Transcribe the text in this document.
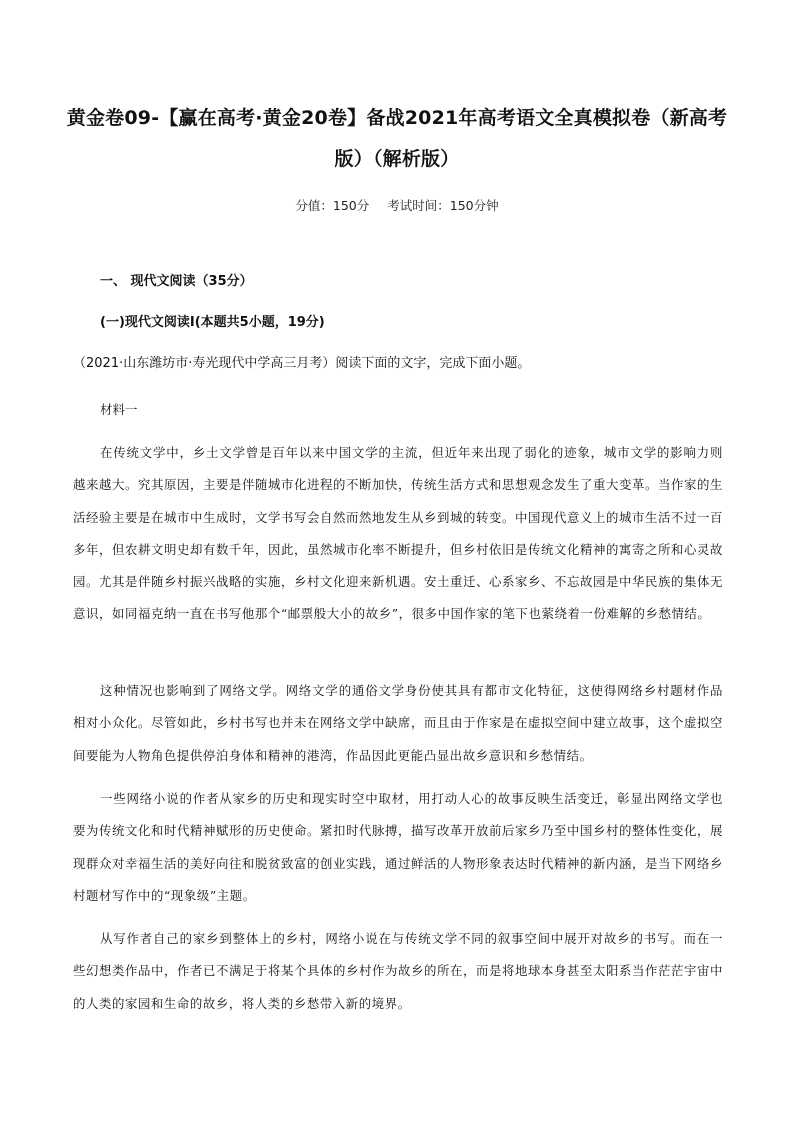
黄金卷09-【赢在高考·黄金20卷】备战2021年高考语文全真模拟卷（新高考版）（解析版）
分值：150分 考试时间：150分钟
一、 现代文阅读（35分）
(一)现代文阅读Ⅰ(本题共5小题，19分)
（2021·山东潍坊市·寿光现代中学高三月考）阅读下面的文字，完成下面小题。
材料一

在传统文学中，乡土文学曾是百年以来中国文学的主流，但近年来出现了弱化的迹象，城市文学的影响力则越来越大。究其原因，主要是伴随城市化进程的不断加快，传统生活方式和思想观念发生了重大变革。当作家的生活经验主要是在城市中生成时，文学书写会自然而然地发生从乡到城的转变。中国现代意义上的城市生活不过一百多年，但农耕文明史却有数千年，因此，虽然城市化率不断提升，但乡村依旧是传统文化精神的寓寄之所和心灵故园。尤其是伴随乡村振兴战略的实施，乡村文化迎来新机遇。安土重迁、心系家乡、不忘故园是中华民族的集体无意识，如同福克纳一直在书写他那个“邮票般大小的故乡”，很多中国作家的笔下也萦绕着一份难解的乡愁情结。

这种情况也影响到了网络文学。网络文学的通俗文学身份使其具有都市文化特征，这使得网络乡村题材作品相对小众化。尽管如此，乡村书写也并未在网络文学中缺席，而且由于作家是在虚拟空间中建立故事，这个虚拟空间要能为人物角色提供停泊身体和精神的港湾，作品因此更能凸显出故乡意识和乡愁情结。

一些网络小说的作者从家乡的历史和现实时空中取材，用打动人心的故事反映生活变迁，彰显出网络文学也要为传统文化和时代精神赋形的历史使命。紧扣时代脉搏，描写改革开放前后家乡乃至中国乡村的整体性变化，展现群众对幸福生活的美好向往和脱贫致富的创业实践，通过鲜活的人物形象表达时代精神的新内涵，是当下网络乡村题材写作中的“现象级”主题。

从写作者自己的家乡到整体上的乡村，网络小说在与传统文学不同的叙事空间中展开对故乡的书写。而在一些幻想类作品中，作者已不满足于将某个具体的乡村作为故乡的所在，而是将地球本身甚至太阳系当作茫茫宇宙中的人类的家园和生命的故乡，将人类的乡愁带入新的境界。
